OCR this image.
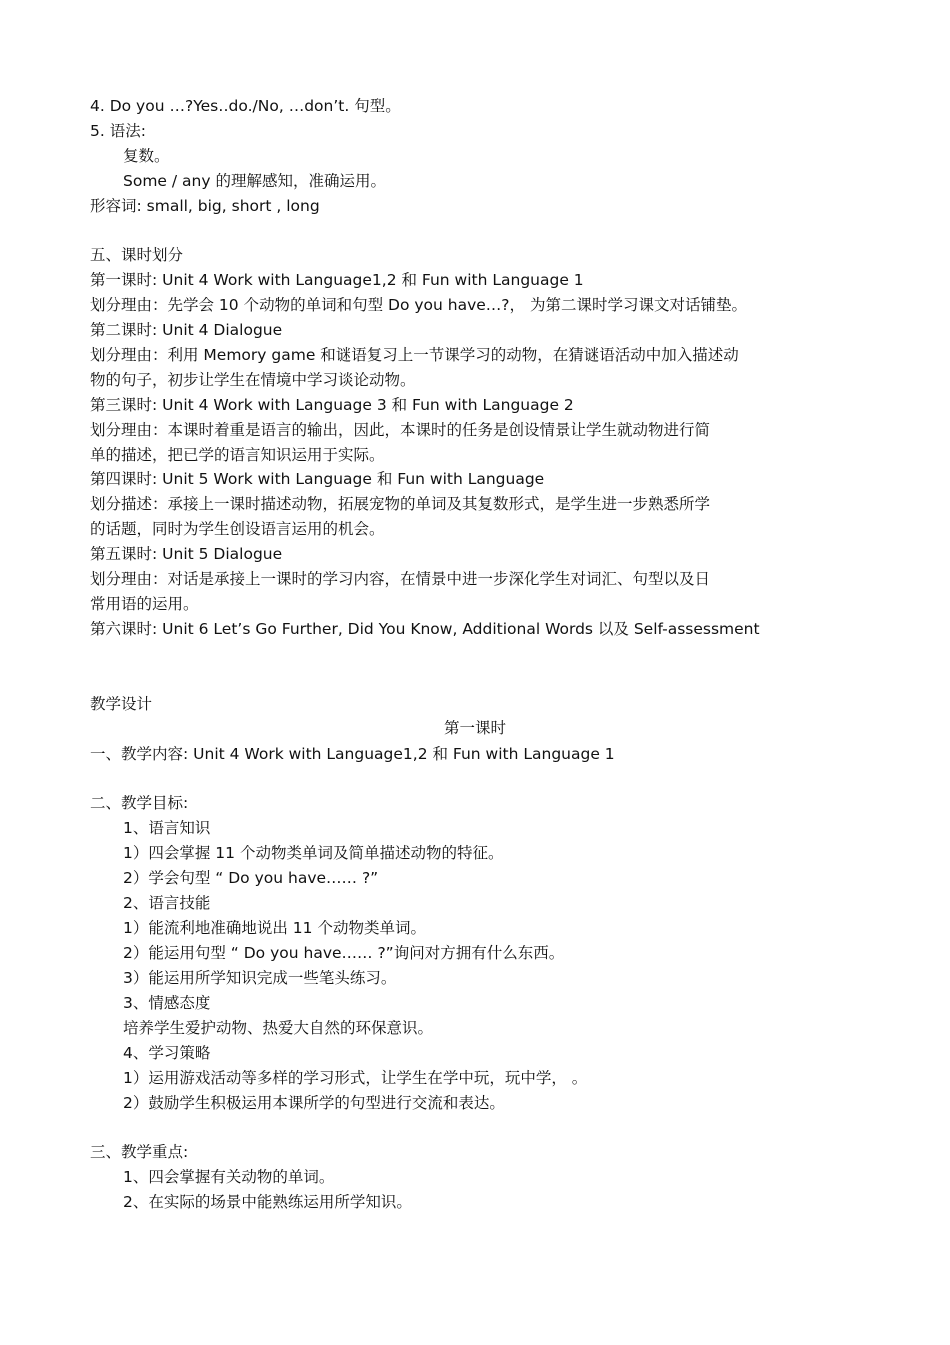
4. Do you …?Yes‥do./No, …don’t. 句型。
5. 语法:
复数。
Some / any 的理解感知，准确运用。
形容词: small, big, short , long
五、课时划分
第一课时: Unit 4 Work with Language1,2 和 Fun with Language 1
划分理由：先学会 10 个动物的单词和句型 Do you have…?， 为第二课时学习课文对话铺垫。
第二课时: Unit 4 Dialogue
划分理由：利用 Memory game 和谜语复习上一节课学习的动物，在猜谜语活动中加入描述动
物的句子，初步让学生在情境中学习谈论动物。
第三课时: Unit 4 Work with Language 3 和 Fun with Language 2
划分理由：本课时着重是语言的输出，因此，本课时的任务是创设情景让学生就动物进行简
单的描述，把已学的语言知识运用于实际。
第四课时: Unit 5 Work with Language 和 Fun with Language
划分描述：承接上一课时描述动物，拓展宠物的单词及其复数形式，是学生进一步熟悉所学
的话题，同时为学生创设语言运用的机会。
第五课时: Unit 5 Dialogue
划分理由：对话是承接上一课时的学习内容，在情景中进一步深化学生对词汇、句型以及日
常用语的运用。
第六课时: Unit 6 Let’s Go Further, Did You Know, Additional Words 以及 Self-assessment
教学设计
第一课时
一、教学内容: Unit 4 Work with Language1,2 和 Fun with Language 1
二、教学目标:
1、语言知识
1）四会掌握 11 个动物类单词及简单描述动物的特征。
2）学会句型 “ Do you have…… ?”
2、语言技能
1）能流利地准确地说出 11 个动物类单词。
2）能运用句型 “ Do you have…… ?”询问对方拥有什么东西。
3）能运用所学知识完成一些笔头练习。
3、情感态度
培养学生爱护动物、热爱大自然的环保意识。
4、学习策略
1）运用游戏活动等多样的学习形式，让学生在学中玩，玩中学， 。
2）鼓励学生积极运用本课所学的句型进行交流和表达。
三、教学重点:
1、四会掌握有关动物的单词。
2、在实际的场景中能熟练运用所学知识。
